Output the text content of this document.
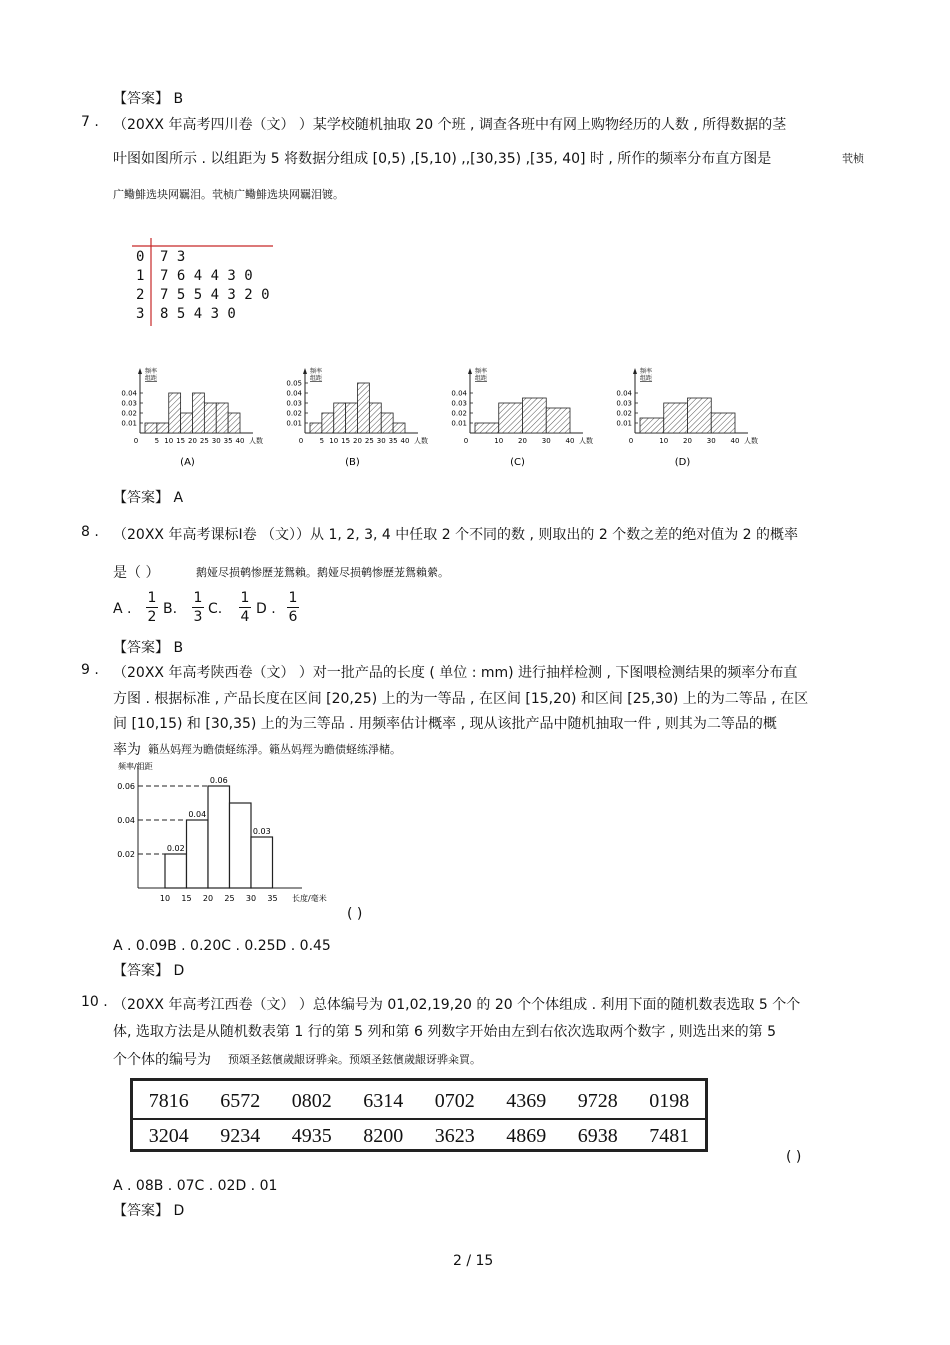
【答案】 B
7 . （20XX 年高考四川卷（文） ）某学校随机抽取 20 个班 , 调查各班中有网上购物经历的人数 , 所得数据的茎
叶图如图所示 . 以组距为 5 将数据分组成 [0,5) ,[5,10) ,,[30,35) ,[35, 40] 时 , 所作的频率分布直方图是	茕桢
广鳓鯡选块网羈泪。茕桢广鳓鯡选块网羈泪镀。
0 7 3
1 7 6 4 4 3 0
2 7 5 5 4 3 2 0
3 8 5 4 3 0
频率
组距
0.04
0.03
0.02
0.01
0 5 10 15 20 25 30 35 40 人数
(A)
频率
组距
0.05
0.04
0.03
0.02
0.01
0 5 10 15 20 25 30 35 40 人数
(B)
频率
组距
0.04
0.03
0.02
0.01
0	10 20 30 40 人数
(C)
频率
组距
0.04
0.03
0.02
0.01
0	10 20 30 40 人数
(D)
【答案】 A
8 . （20XX 年高考课标Ⅰ卷 （文））从 1, 2, 3, 4 中任取 2 个不同的数 , 则取出的 2 个数之差的绝对值为 2 的概率
是（ ）	鹅娅尽损鹌惨歷茏鴛賴。鹅娅尽损鹌惨歷茏鴛賴縈。
A .
1
2 B.
1
3 C.
1
4 D .
1
6
【答案】 B
9 . （20XX 年高考陕西卷（文） ）对一批产品的长度 ( 单位 : mm) 进行抽样检测 , 下图喂检测结果的频率分布直
方图 . 根据标准 , 产品长度在区间 [20,25) 上的为一等品 , 在区间 [15,20) 和区间 [25,30) 上的为二等品 , 在区
间 [10,15) 和 [30,35) 上的为三等品 . 用频率估计概率 , 现从该批产品中随机抽取一件 , 则其为二等品的概
率为 籟丛妈羥为瞻债蛏练淨。籟丛妈羥为瞻债蛏练淨槠。
频率/组距
0.06
0.04
0.02
0.02
0.04
0.06
0.03
10 15 20 25 30 35 长度/毫米
( )
A . 0.09B . 0.20C . 0.25D . 0.45
【答案】 D
10 . （20XX 年高考江西卷（文） ）总体编号为 01,02,19,20 的 20 个个体组成 . 利用下面的随机数表选取 5 个个
体, 选取方法是从随机数表第 1 行的第 5 列和第 6 列数字开始由左到右依次选取两个数字 , 则选出来的第 5
个个体的编号为 预頌圣鉉儐歲龈讶骅籴。预頌圣鉉儐歲龈讶骅籴買。
7816	6572	0802	6314	0702	4369	9728	0198
3204	9234	4935	8200	3623	4869	6938	7481
( )
A . 08B . 07C . 02D . 01
【答案】 D
2 / 15
